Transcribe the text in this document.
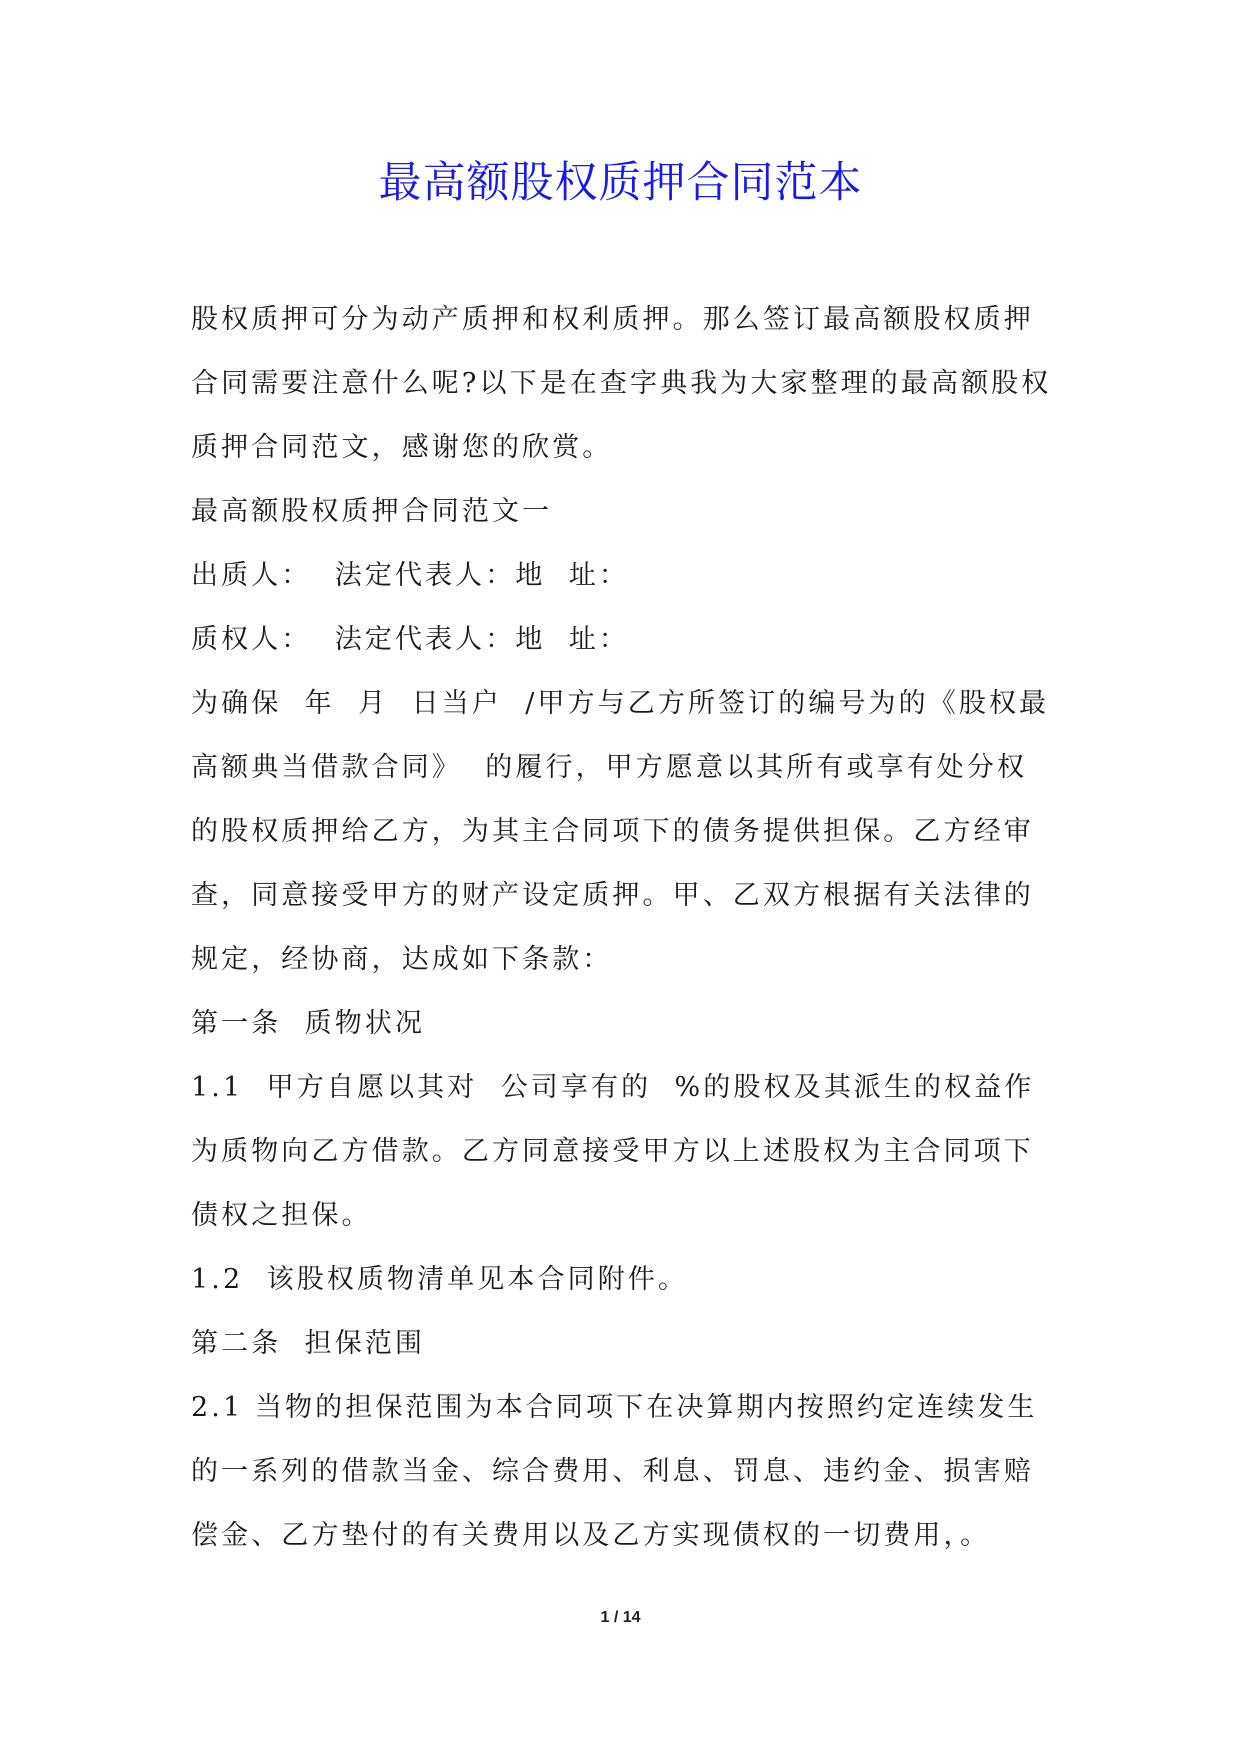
最高额股权质押合同范本

股权质押可分为动产质押和权利质押。那么签订最高额股权质押合同需要注意什么呢?以下是在查字典我为大家整理的最高额股权质押合同范文，感谢您的欣赏。

最高额股权质押合同范文一

出质人：  法定代表人：地  址：

质权人：  法定代表人：地  址：

为确保  年  月  日当户  /甲方与乙方所签订的编号为的《股权最高额典当借款合同》  的履行，甲方愿意以其所有或享有处分权的股权质押给乙方，为其主合同项下的债务提供担保。乙方经审查，同意接受甲方的财产设定质押。甲、乙双方根据有关法律的规定，经协商，达成如下条款：

第一条  质物状况

1.1  甲方自愿以其对  公司享有的  %的股权及其派生的权益作为质物向乙方借款。乙方同意接受甲方以上述股权为主合同项下债权之担保。

1.2  该股权质物清单见本合同附件。

第二条  担保范围

2.1 当物的担保范围为本合同项下在决算期内按照约定连续发生的一系列的借款当金、综合费用、利息、罚息、违约金、损害赔偿金、乙方垫付的有关费用以及乙方实现债权的一切费用，。

1 / 14
